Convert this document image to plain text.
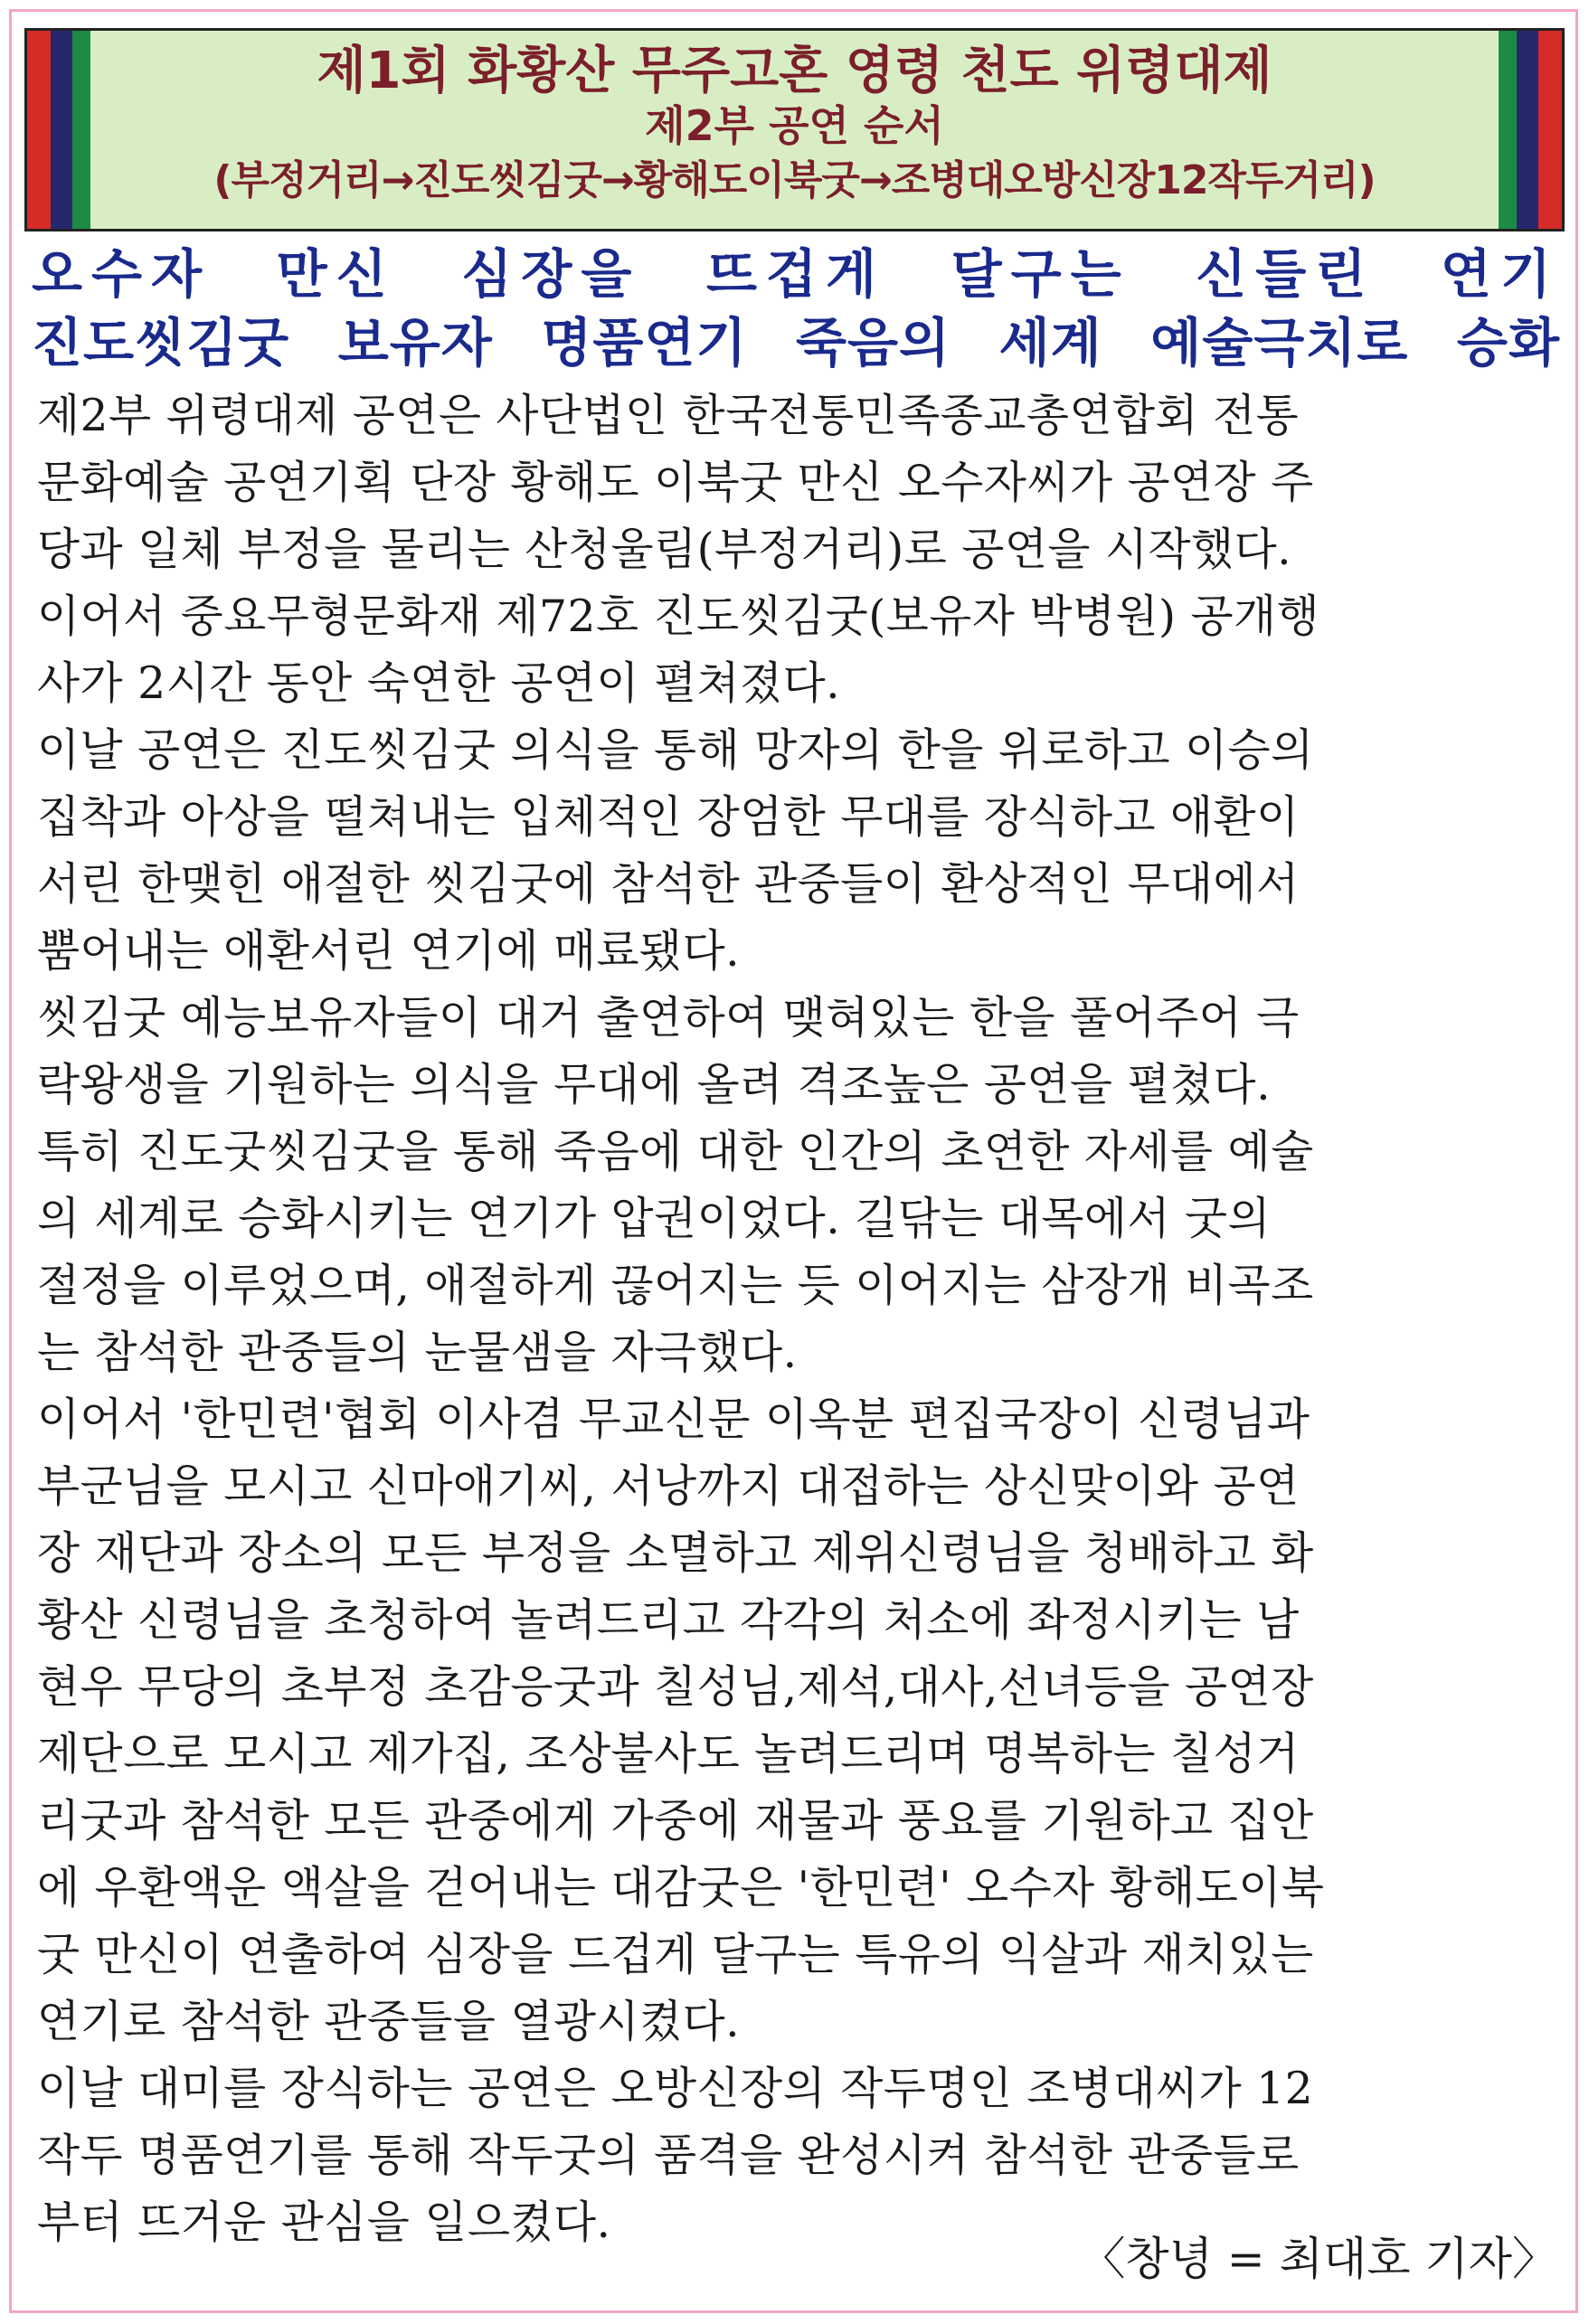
제1회 화황산 무주고혼 영령 천도 위령대제
제2부 공연 순서
(부정거리→진도씻김굿→황해도이북굿→조병대오방신장12작두거리)
오수자 만신 심장을 뜨겁게 달구는 신들린 연기
진도씻김굿 보유자 명품연기 죽음의 세계 예술극치로 승화
제2부 위령대제 공연은 사단법인 한국전통민족종교총연합회 전통
문화예술 공연기획 단장 황해도 이북굿 만신 오수자씨가 공연장 주
당과 일체 부정을 물리는 산청울림(부정거리)로 공연을 시작했다.
이어서 중요무형문화재 제72호 진도씻김굿(보유자 박병원) 공개행
사가 2시간 동안 숙연한 공연이 펼쳐졌다.
이날 공연은 진도씻김굿 의식을 통해 망자의 한을 위로하고 이승의
집착과 아상을 떨쳐내는 입체적인 장엄한 무대를 장식하고 애환이
서린 한맺힌 애절한 씻김굿에 참석한 관중들이 환상적인 무대에서
뿜어내는 애환서린 연기에 매료됐다.
씻김굿 예능보유자들이 대거 출연하여 맺혀있는 한을 풀어주어 극
락왕생을 기원하는 의식을 무대에 올려 격조높은 공연을 펼쳤다.
특히 진도굿씻김굿을 통해 죽음에 대한 인간의 초연한 자세를 예술
의 세계로 승화시키는 연기가 압권이었다. 길닦는 대목에서 굿의
절정을 이루었으며, 애절하게 끊어지는 듯 이어지는 삼장개 비곡조
는 참석한 관중들의 눈물샘을 자극했다.
이어서 '한민련'협회 이사겸 무교신문 이옥분 편집국장이 신령님과
부군님을 모시고 신마애기씨, 서낭까지 대접하는 상신맞이와 공연
장 재단과 장소의 모든 부정을 소멸하고 제위신령님을 청배하고 화
황산 신령님을 초청하여 놀려드리고 각각의 처소에 좌정시키는 남
현우 무당의 초부정 초감응굿과 칠성님,제석,대사,선녀등을 공연장
제단으로 모시고 제가집, 조상불사도 놀려드리며 명복하는 칠성거
리굿과 참석한 모든 관중에게 가중에 재물과 풍요를 기원하고 집안
에 우환액운 액살을 걷어내는 대감굿은 '한민련' 오수자 황해도이북
굿 만신이 연출하여 심장을 드겁게 달구는 특유의 익살과 재치있는
연기로 참석한 관중들을 열광시켰다.
이날 대미를 장식하는 공연은 오방신장의 작두명인 조병대씨가 12
작두 명품연기를 통해 작두굿의 품격을 완성시켜 참석한 관중들로
부터 뜨거운 관심을 일으켰다.
〈창녕 = 최대호 기자〉
